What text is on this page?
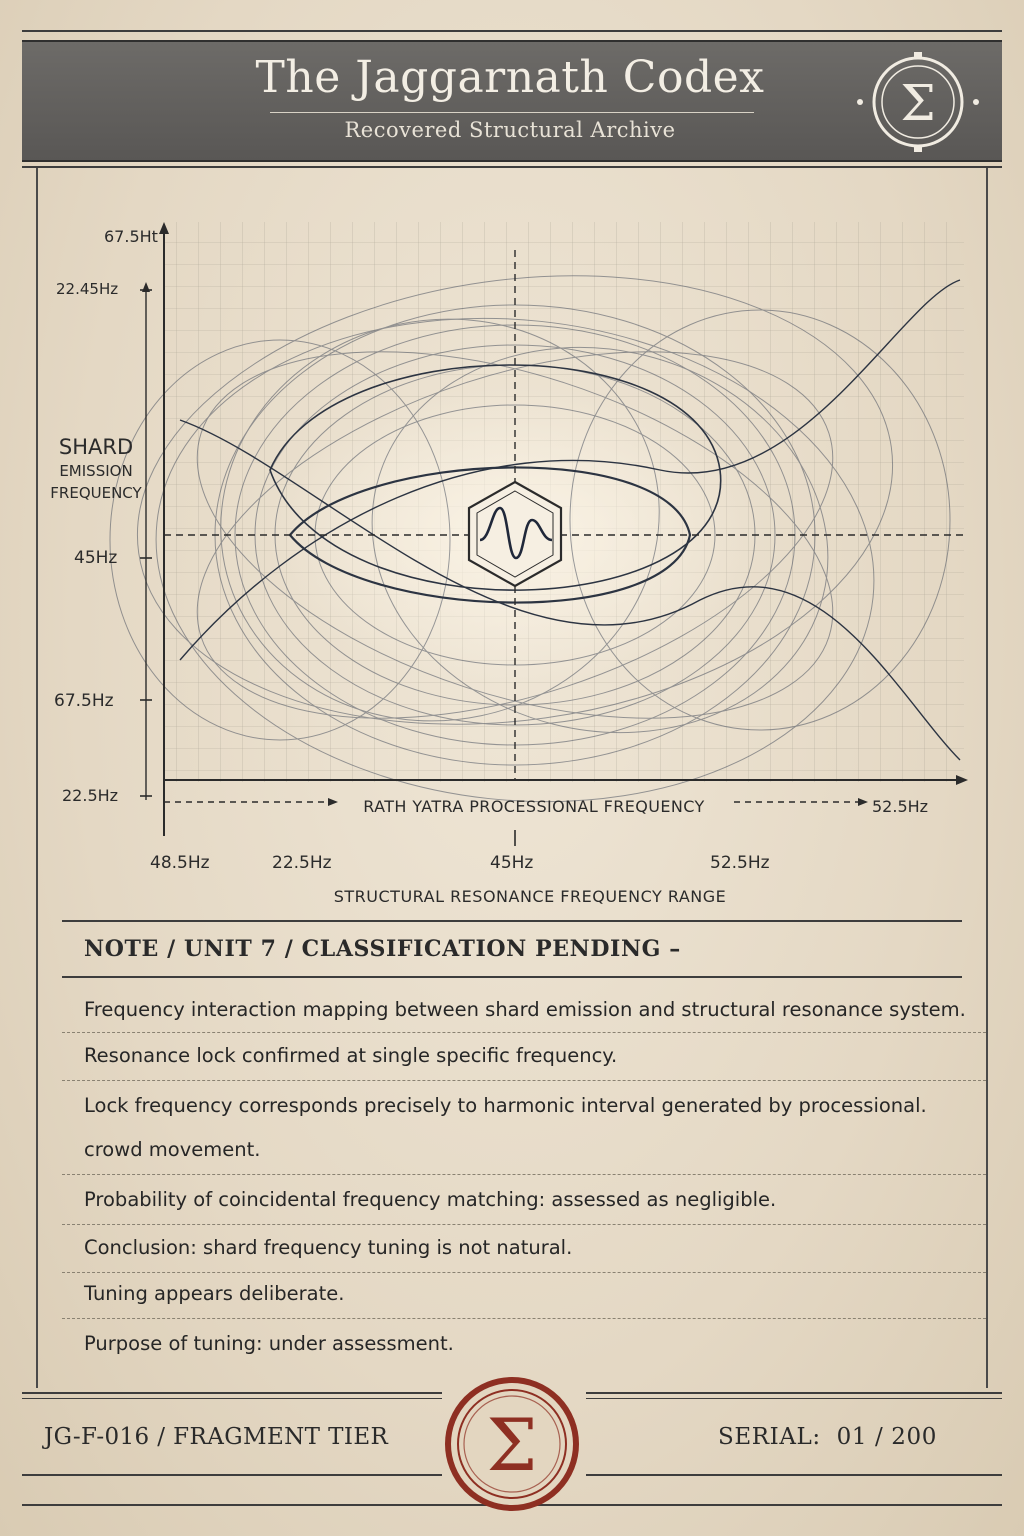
The Jaggarnath Codex
Recovered Structural Archive	Σ
67.5Ht
22.45Hz
45Hz
67.5Hz
22.5Hz
SHARD
EMISSION
FREQUENCY
RATH YATRA PROCESSIONAL FREQUENCY	52.5Hz
48.5Hz	22.5Hz	45Hz	52.5Hz
STRUCTURAL RESONANCE FREQUENCY RANGE
NOTE / UNIT 7 / CLASSIFICATION PENDING –
Frequency interaction mapping between shard emission and structural resonance system.
Resonance lock confirmed at single specific frequency.
Lock frequency corresponds precisely to harmonic interval generated by processional.
crowd movement.
Probability of coincidental frequency matching: assessed as negligible.
Conclusion: shard frequency tuning is not natural.
Tuning appears deliberate.
Purpose of tuning: under assessment.
JG-F-016 / FRAGMENT TIER	SERIAL:  01 / 200
Σ
